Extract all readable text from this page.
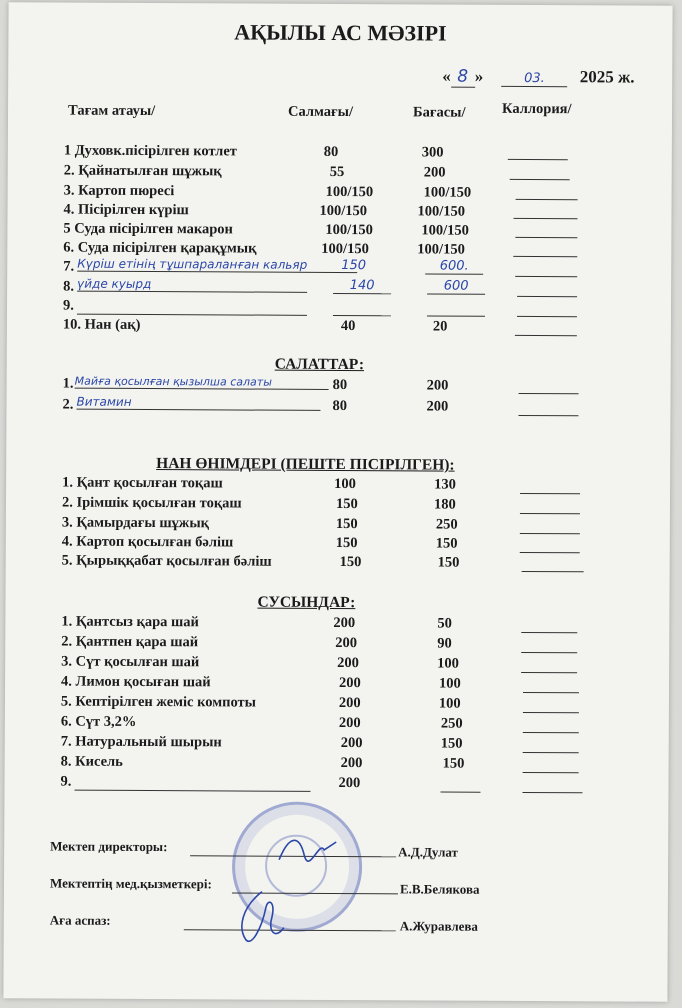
АҚЫЛЫ АС МӘЗІРІ
« 8 »	03. 2025 ж.
Тағам атауы/	Салмағы/	Бағасы/	Каллория/
1 Духовк.пісірілген котлет	80	300
2. Қайнатылған шұжық	55	200
3. Картоп пюресі	100/150	100/150
4. Пісірілген күріш	100/150	100/150
5 Суда пісірілген макарон	100/150	100/150
6. Суда пісірілген қарақұмық	100/150	100/150
7. Күріш етінің тұшпараланған кальяр	150	600.
8. үйде куырд	140	600
9.
10. Нан (ақ)	40	20
САЛАТТАР:
1. Майға қосылған қызылша салаты	80	200
2. Витамин	80	200
НАН ӨНІМДЕРІ (ПЕШТЕ ПІСІРІЛГЕН):
1. Қант қосылған тоқаш	100	130
2. Ірімшік қосылған тоқаш	150	180
3. Қамырдағы шұжық	150	250
4. Картоп қосылған бәліш	150	150
5. Қырыққабат қосылған бәліш	150	150
СУСЫНДАР:
1. Қантсыз қара шай	200	50
2. Қантпен қара шай	200	90
3. Сүт қосылған шай	200	100
4. Лимон қосыған шай	200	100
5. Кептірілген жеміс компоты	200	100
6. Сүт 3,2%	200	250
7. Натуральный шырын	200	150
8. Кисель	200	150
9.	200
Мектеп директоры:	А.Д.Дулат
Мектептің мед.қызметкері:	Е.В.Белякова
Аға аспаз:	А.Журавлева
